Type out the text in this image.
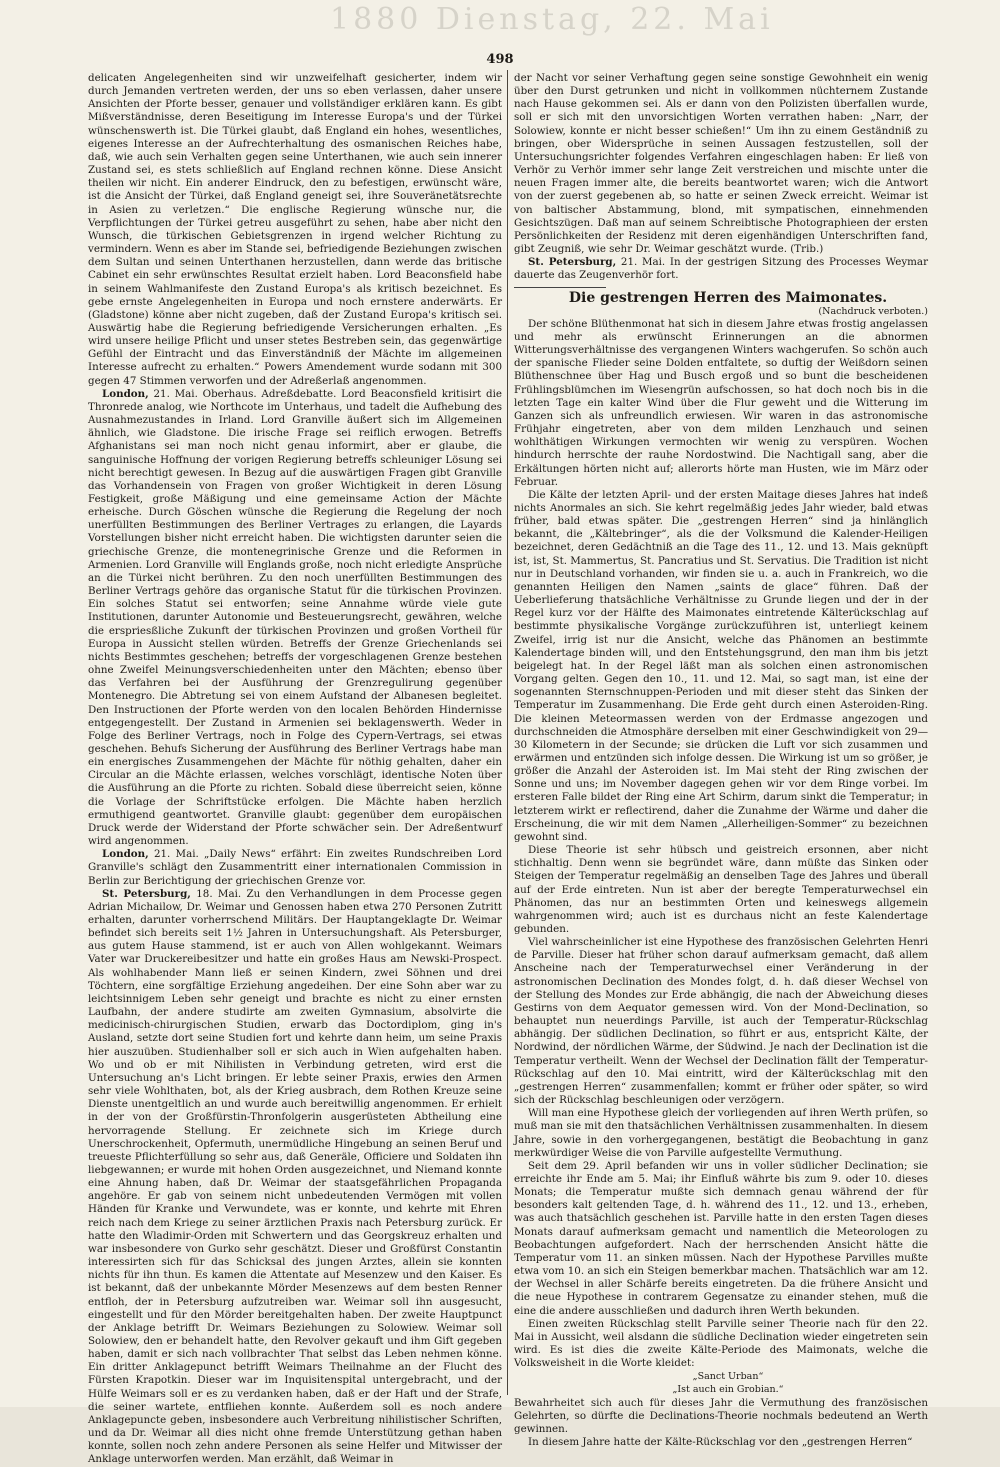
1880 Dienstag, 22. Mai
498

delicaten Angelegenheiten sind wir unzweifelhaft gesicherter, indem wir durch Jemanden vertreten werden, der uns so eben verlassen, daher unsere Ansichten der Pforte besser, genauer und vollständiger erklären kann. Es gibt Mißverständnisse, deren Beseitigung im Interesse Europa's und der Türkei wünschenswerth ist. Die Türkei glaubt, daß England ein hohes, wesentliches, eigenes Interesse an der Aufrechterhaltung des osmanischen Reiches habe, daß, wie auch sein Verhalten gegen seine Unterthanen, wie auch sein innerer Zustand sei, es stets schließlich auf England rechnen könne. Diese Ansicht theilen wir nicht. Ein anderer Eindruck, den zu befestigen, erwünscht wäre, ist die Ansicht der Türkei, daß England geneigt sei, ihre Souveränetätsrechte in Asien zu verletzen.“ Die englische Regierung wünsche nur, die Verpflichtungen der Türkei getreu ausgeführt zu sehen, habe aber nicht den Wunsch, die türkischen Gebietsgrenzen in irgend welcher Richtung zu vermindern. Wenn es aber im Stande sei, befriedigende Beziehungen zwischen dem Sultan und seinen Unterthanen herzustellen, dann werde das britische Cabinet ein sehr erwünschtes Resultat erzielt haben. Lord Beaconsfield habe in seinem Wahlmanifeste den Zustand Europa's als kritisch bezeichnet. Es gebe ernste Angelegenheiten in Europa und noch ernstere anderwärts. Er (Gladstone) könne aber nicht zugeben, daß der Zustand Europa's kritisch sei. Auswärtig habe die Regierung befriedigende Versicherungen erhalten. „Es wird unsere heilige Pflicht und unser stetes Bestreben sein, das gegenwärtige Gefühl der Eintracht und das Einverständniß der Mächte im allgemeinen Interesse aufrecht zu erhalten.“ Powers Amendement wurde sodann mit 300 gegen 47 Stimmen verworfen und der Adreßerlaß angenommen.

London, 21. Mai. Oberhaus. Adreßdebatte. Lord Beaconsfield kritisirt die Thronrede analog, wie Northcote im Unterhaus, und tadelt die Aufhebung des Ausnahmezustandes in Irland. Lord Granville äußert sich im Allgemeinen ähnlich, wie Gladstone. Die irische Frage sei reiflich erwogen. Betreffs Afghanistans sei man noch nicht genau informirt, aber er glaube, die sanguinische Hoffnung der vorigen Regierung betreffs schleuniger Lösung sei nicht berechtigt gewesen. In Bezug auf die auswärtigen Fragen gibt Granville das Vorhandensein von Fragen von großer Wichtigkeit in deren Lösung Festigkeit, große Mäßigung und eine gemeinsame Action der Mächte erheische. Durch Göschen wünsche die Regierung die Regelung der noch unerfüllten Bestimmungen des Berliner Vertrages zu erlangen, die Layards Vorstellungen bisher nicht erreicht haben. Die wichtigsten darunter seien die griechische Grenze, die montenegrinische Grenze und die Reformen in Armenien. Lord Granville will Englands große, noch nicht erledigte Ansprüche an die Türkei nicht berühren. Zu den noch unerfüllten Bestimmungen des Berliner Vertrags gehöre das organische Statut für die türkischen Provinzen. Ein solches Statut sei entworfen; seine Annahme würde viele gute Institutionen, darunter Autonomie und Besteuerungsrecht, gewähren, welche die erspriesßliche Zukunft der türkischen Provinzen und großen Vortheil für Europa in Aussicht stellen würden. Betreffs der Grenze Griechenlands sei nichts Bestimmtes geschehen; betreffs der vorgeschlagenen Grenze bestehen ohne Zweifel Meinungsverschiedenheiten unter den Mächten; ebenso über das Verfahren bei der Ausführung der Grenzregulirung gegenüber Montenegro. Die Abtretung sei von einem Aufstand der Albanesen begleitet. Den Instructionen der Pforte werden von den localen Behörden Hindernisse entgegengestellt. Der Zustand in Armenien sei beklagenswerth. Weder in Folge des Berliner Vertrags, noch in Folge des Cypern-Vertrags, sei etwas geschehen. Behufs Sicherung der Ausführung des Berliner Vertrags habe man ein energisches Zusammengehen der Mächte für nöthig gehalten, daher ein Circular an die Mächte erlassen, welches vorschlägt, identische Noten über die Ausführung an die Pforte zu richten. Sobald diese überreicht seien, könne die Vorlage der Schriftstücke erfolgen. Die Mächte haben herzlich ermuthigend geantwortet. Granville glaubt: gegenüber dem europäischen Druck werde der Widerstand der Pforte schwächer sein. Der Adreßentwurf wird angenommen.

London, 21. Mai. „Daily News“ erfährt: Ein zweites Rundschreiben Lord Granville's schlägt den Zusammentritt einer internationalen Commission in Berlin zur Berichtigung der griechischen Grenze vor.

St. Petersburg, 18. Mai. Zu den Verhandlungen in dem Processe gegen Adrian Michailow, Dr. Weimar und Genossen haben etwa 270 Personen Zutritt erhalten, darunter vorherrschend Militärs. Der Hauptangeklagte Dr. Weimar befindet sich bereits seit 1½ Jahren in Untersuchungshaft. Als Petersburger, aus gutem Hause stammend, ist er auch von Allen wohlgekannt. Weimars Vater war Druckereibesitzer und hatte ein großes Haus am Newski-Prospect. Als wohlhabender Mann ließ er seinen Kindern, zwei Söhnen und drei Töchtern, eine sorgfältige Erziehung angedeihen. Der eine Sohn aber war zu leichtsinnigem Leben sehr geneigt und brachte es nicht zu einer ernsten Laufbahn, der andere studirte am zweiten Gymnasium, absolvirte die medicinisch-chirurgischen Studien, erwarb das Doctordiplom, ging in's Ausland, setzte dort seine Studien fort und kehrte dann heim, um seine Praxis hier auszuüben. Studienhalber soll er sich auch in Wien aufgehalten haben. Wo und ob er mit Nihilisten in Verbindung getreten, wird erst die Untersuchung an's Licht bringen. Er lebte seiner Praxis, erwies den Armen sehr viele Wohlthaten, bot, als der Krieg ausbrach, dem Rothen Kreuze seine Dienste unentgeltlich an und wurde auch bereitwillig angenommen. Er erhielt in der von der Großfürstin-Thronfolgerin ausgerüsteten Abtheilung eine hervorragende Stellung. Er zeichnete sich im Kriege durch Unerschrockenheit, Opfermuth, unermüdliche Hingebung an seinen Beruf und treueste Pflichterfüllung so sehr aus, daß Generäle, Officiere und Soldaten ihn liebgewannen; er wurde mit hohen Orden ausgezeichnet, und Niemand konnte eine Ahnung haben, daß Dr. Weimar der staatsgefährlichen Propaganda angehöre. Er gab von seinem nicht unbedeutenden Vermögen mit vollen Händen für Kranke und Verwundete, was er konnte, und kehrte mit Ehren reich nach dem Kriege zu seiner ärztlichen Praxis nach Petersburg zurück. Er hatte den Wladimir-Orden mit Schwertern und das Georgskreuz erhalten und war insbesondere von Gurko sehr geschätzt. Dieser und Großfürst Constantin interessirten sich für das Schicksal des jungen Arztes, allein sie konnten nichts für ihn thun. Es kamen die Attentate auf Mesenzew und den Kaiser. Es ist bekannt, daß der unbekannte Mörder Mesenzews auf dem besten Renner entfloh, der in Petersburg aufzutreiben war. Weimar soll ihn ausgesucht, eingestellt und für den Mörder bereitgehalten haben. Der zweite Hauptpunct der Anklage betrifft Dr. Weimars Beziehungen zu Solowiew. Weimar soll Solowiew, den er behandelt hatte, den Revolver gekauft und ihm Gift gegeben haben, damit er sich nach vollbrachter That selbst das Leben nehmen könne. Ein dritter Anklagepunct betrifft Weimars Theilnahme an der Flucht des Fürsten Krapotkin. Dieser war im Inquisitenspital untergebracht, und der Hülfe Weimars soll er es zu verdanken haben, daß er der Haft und der Strafe, die seiner wartete, entfliehen konnte. Außerdem soll es noch andere Anklagepuncte geben, insbesondere auch Verbreitung nihilistischer Schriften, und da Dr. Weimar all dies nicht ohne fremde Unterstützung gethan haben konnte, sollen noch zehn andere Personen als seine Helfer und Mitwisser der Anklage unterworfen werden. Man erzählt, daß Weimar in

der Nacht vor seiner Verhaftung gegen seine sonstige Gewohnheit ein wenig über den Durst getrunken und nicht in vollkommen nüchternem Zustande nach Hause gekommen sei. Als er dann von den Polizisten überfallen wurde, soll er sich mit den unvorsichtigen Worten verrathen haben: „Narr, der Solowiew, konnte er nicht besser schießen!“ Um ihn zu einem Geständniß zu bringen, ober Widersprüche in seinen Aussagen festzustellen, soll der Untersuchungsrichter folgendes Verfahren eingeschlagen haben: Er ließ von Verhör zu Verhör immer sehr lange Zeit verstreichen und mischte unter die neuen Fragen immer alte, die bereits beantwortet waren; wich die Antwort von der zuerst gegebenen ab, so hatte er seinen Zweck erreicht. Weimar ist von baltischer Abstammung, blond, mit sympatischen, einnehmenden Gesichtszügen. Daß man auf seinem Schreibtische Photographieen der ersten Persönlichkeiten der Residenz mit deren eigenhändigen Unterschriften fand, gibt Zeugniß, wie sehr Dr. Weimar geschätzt wurde. (Trib.)

St. Petersburg, 21. Mai. In der gestrigen Sitzung des Processes Weymar dauerte das Zeugenverhör fort.

Die gestrengen Herren des Maimonates.

(Nachdruck verboten.)

Der schöne Blüthenmonat hat sich in diesem Jahre etwas frostig angelassen und mehr als erwünscht Erinnerungen an die abnormen Witterungsverhältnisse des vergangenen Winters wachgerufen. So schön auch der spanische Flieder seine Dolden entfaltete, so duftig der Weißdorn seinen Blüthenschnee über Hag und Busch ergoß und so bunt die bescheidenen Frühlingsblümchen im Wiesengrün aufschossen, so hat doch noch bis in die letzten Tage ein kalter Wind über die Flur geweht und die Witterung im Ganzen sich als unfreundlich erwiesen. Wir waren in das astronomische Frühjahr eingetreten, aber von dem milden Lenzhauch und seinen wohlthätigen Wirkungen vermochten wir wenig zu verspüren. Wochen hindurch herrschte der rauhe Nordostwind. Die Nachtigall sang, aber die Erkältungen hörten nicht auf; allerorts hörte man Husten, wie im März oder Februar.

Die Kälte der letzten April- und der ersten Maitage dieses Jahres hat indeß nichts Anormales an sich. Sie kehrt regelmäßig jedes Jahr wieder, bald etwas früher, bald etwas später. Die „gestrengen Herren“ sind ja hinlänglich bekannt, die „Kältebringer“, als die der Volksmund die Kalender-Heiligen bezeichnet, deren Gedächtniß an die Tage des 11., 12. und 13. Mais geknüpft ist, ist, St. Mammertus, St. Pancratius und St. Servatius. Die Tradition ist nicht nur in Deutschland vorhanden, wir finden sie u. a. auch in Frankreich, wo die genannten Heiligen den Namen „saints de glace“ führen. Daß der Ueberlieferung thatsächliche Verhältnisse zu Grunde liegen und der in der Regel kurz vor der Hälfte des Maimonates eintretende Kälterückschlag auf bestimmte physikalische Vorgänge zurückzuführen ist, unterliegt keinem Zweifel, irrig ist nur die Ansicht, welche das Phänomen an bestimmte Kalendertage binden will, und den Entstehungsgrund, den man ihm bis jetzt beigelegt hat. In der Regel läßt man als solchen einen astronomischen Vorgang gelten. Gegen den 10., 11. und 12. Mai, so sagt man, ist eine der sogenannten Sternschnuppen-Perioden und mit dieser steht das Sinken der Temperatur im Zusammenhang. Die Erde geht durch einen Asteroiden-Ring. Die kleinen Meteormassen werden von der Erdmasse angezogen und durchschneiden die Atmosphäre derselben mit einer Geschwindigkeit von 29—30 Kilometern in der Secunde; sie drücken die Luft vor sich zusammen und erwärmen und entzünden sich infolge dessen. Die Wirkung ist um so größer, je größer die Anzahl der Asteroiden ist. Im Mai steht der Ring zwischen der Sonne und uns; im November dagegen gehen wir vor dem Ringe vorbei. Im ersteren Falle bildet der Ring eine Art Schirm, darum sinkt die Temperatur; in letzterem wirkt er reflectirend, daher die Zunahme der Wärme und daher die Erscheinung, die wir mit dem Namen „Allerheiligen-Sommer“ zu bezeichnen gewohnt sind.

Diese Theorie ist sehr hübsch und geistreich ersonnen, aber nicht stichhaltig. Denn wenn sie begründet wäre, dann müßte das Sinken oder Steigen der Temperatur regelmäßig an denselben Tage des Jahres und überall auf der Erde eintreten. Nun ist aber der beregte Temperaturwechsel ein Phänomen, das nur an bestimmten Orten und keineswegs allgemein wahrgenommen wird; auch ist es durchaus nicht an feste Kalendertage gebunden.

Viel wahrscheinlicher ist eine Hypothese des französischen Gelehrten Henri de Parville. Dieser hat früher schon darauf aufmerksam gemacht, daß allem Anscheine nach der Temperaturwechsel einer Veränderung in der astronomischen Declination des Mondes folgt, d. h. daß dieser Wechsel von der Stellung des Mondes zur Erde abhängig, die nach der Abweichung dieses Gestirns von dem Aequator gemessen wird. Von der Mond-Declination, so behauptet nun neuerdings Parville, ist auch der Temperatur-Rückschlag abhängig. Der südlichen Declination, so führt er aus, entspricht Kälte, der Nordwind, der nördlichen Wärme, der Südwind. Je nach der Declination ist die Temperatur vertheilt. Wenn der Wechsel der Declination fällt der Temperatur-Rückschlag auf den 10. Mai eintritt, wird der Kälterückschlag mit den „gestrengen Herren“ zusammenfallen; kommt er früher oder später, so wird sich der Rückschlag beschleunigen oder verzögern.

Will man eine Hypothese gleich der vorliegenden auf ihren Werth prüfen, so muß man sie mit den thatsächlichen Verhältnissen zusammenhalten. In diesem Jahre, sowie in den vorhergegangenen, bestätigt die Beobachtung in ganz merkwürdiger Weise die von Parville aufgestellte Vermuthung.

Seit dem 29. April befanden wir uns in voller südlicher Declination; sie erreichte ihr Ende am 5. Mai; ihr Einfluß währte bis zum 9. oder 10. dieses Monats; die Temperatur mußte sich demnach genau während der für besonders kalt geltenden Tage, d. h. während des 11., 12. und 13., erheben, was auch thatsächlich geschehen ist. Parville hatte in den ersten Tagen dieses Monats darauf aufmerksam gemacht und namentlich die Meteorologen zu Beobachtungen aufgefordert. Nach der herrschenden Ansicht hätte die Temperatur vom 11. an sinken müssen. Nach der Hypothese Parvilles mußte etwa vom 10. an sich ein Steigen bemerkbar machen. Thatsächlich war am 12. der Wechsel in aller Schärfe bereits eingetreten. Da die frühere Ansicht und die neue Hypothese in contrarem Gegensatze zu einander stehen, muß die eine die andere ausschließen und dadurch ihren Werth bekunden.

Einen zweiten Rückschlag stellt Parville seiner Theorie nach für den 22. Mai in Aussicht, weil alsdann die südliche Declination wieder eingetreten sein wird. Es ist dies die zweite Kälte-Periode des Maimonats, welche die Volksweisheit in die Worte kleidet:

„Sanct Urban“

„Ist auch ein Grobian.“

Bewahrheitet sich auch für dieses Jahr die Vermuthung des französischen Gelehrten, so dürfte die Declinations-Theorie nochmals bedeutend an Werth gewinnen.

In diesem Jahre hatte der Kälte-Rückschlag vor den „gestrengen Herren“
